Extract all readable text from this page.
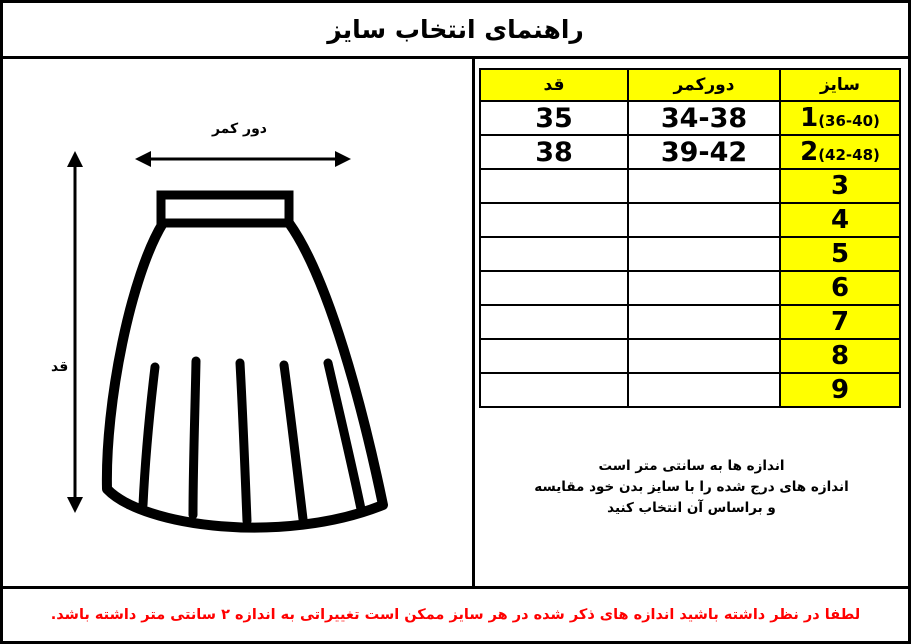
راهنمای انتخاب سایز
دور کمر
قد
سایز	دورکمر	قد
(36-40)1	34-38	35
(42-48)2	39-42	38
3		
4		
5		
6		
7		
8		
9		
اندازه ها به سانتی متر است
اندازه های درج شده را با سایز بدن خود مقایسه
و براساس آن انتخاب کنید
لطفا در نظر داشته باشید اندازه های ذکر شده در هر سایز ممکن است تغییراتی به اندازه ۲ سانتی متر داشته باشد.
